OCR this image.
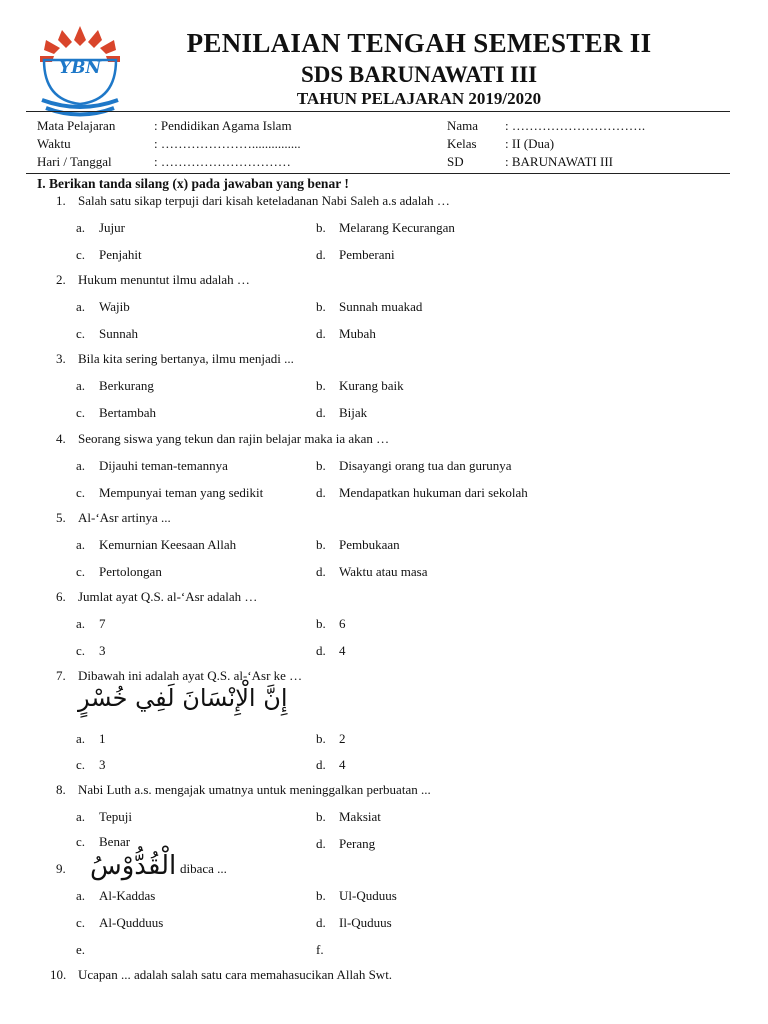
YBN
PENILAIAN TENGAH SEMESTER II
SDS BARUNAWATI III
TAHUN PELAJARAN 2019/2020
Mata Pelajaran	: Pendidikan Agama Islam
Waktu	: …………………...............
Hari / Tanggal	: …………………………
Nama : ………………………….
Kelas : II (Dua)
SD	: BARUNAWATI III
I. Berikan tanda silang (x) pada jawaban yang benar !
1. Salah satu sikap terpuji dari kisah keteladanan Nabi Saleh a.s adalah …
a. Jujur	b. Melarang Kecurangan
c. Penjahit	d. Pemberani
2. Hukum menuntut ilmu adalah …
a. Wajib	b. Sunnah muakad
c. Sunnah	d. Mubah
3. Bila kita sering bertanya, ilmu menjadi ...
a. Berkurang	b. Kurang baik
c. Bertambah	d. Bijak
4. Seorang siswa yang tekun dan rajin belajar maka ia akan …
a. Dijauhi teman-temannya	b. Disayangi orang tua dan gurunya
c. Mempunyai teman yang sedikit	d. Mendapatkan hukuman dari sekolah
5. Al-‘Asr artinya ...
a. Kemurnian Keesaan Allah	b. Pembukaan
c. Pertolongan	d. Waktu atau masa
6. Jumlat ayat Q.S. al-‘Asr adalah …
a. 7	b. 6
c. 3	d. 4
7. Dibawah ini adalah ayat Q.S. al-‘Asr ke …
إِنَّ الْإِنْسَانَ لَفِي خُسْرٍ
a. 1	b. 2
c. 3	d. 4
8. Nabi Luth a.s. mengajak umatnya untuk meninggalkan perbuatan ...
a. Tepuji	b. Maksiat
c. Benar	d. Perang
9.	dibaca ...
الْقُدُّوْسُ
a. Al-Kaddas	b. Ul-Quduus
c. Al-Qudduus	d. Il-Quduus
e.	f.
10. Ucapan ... adalah salah satu cara memahasucikan Allah Swt.
